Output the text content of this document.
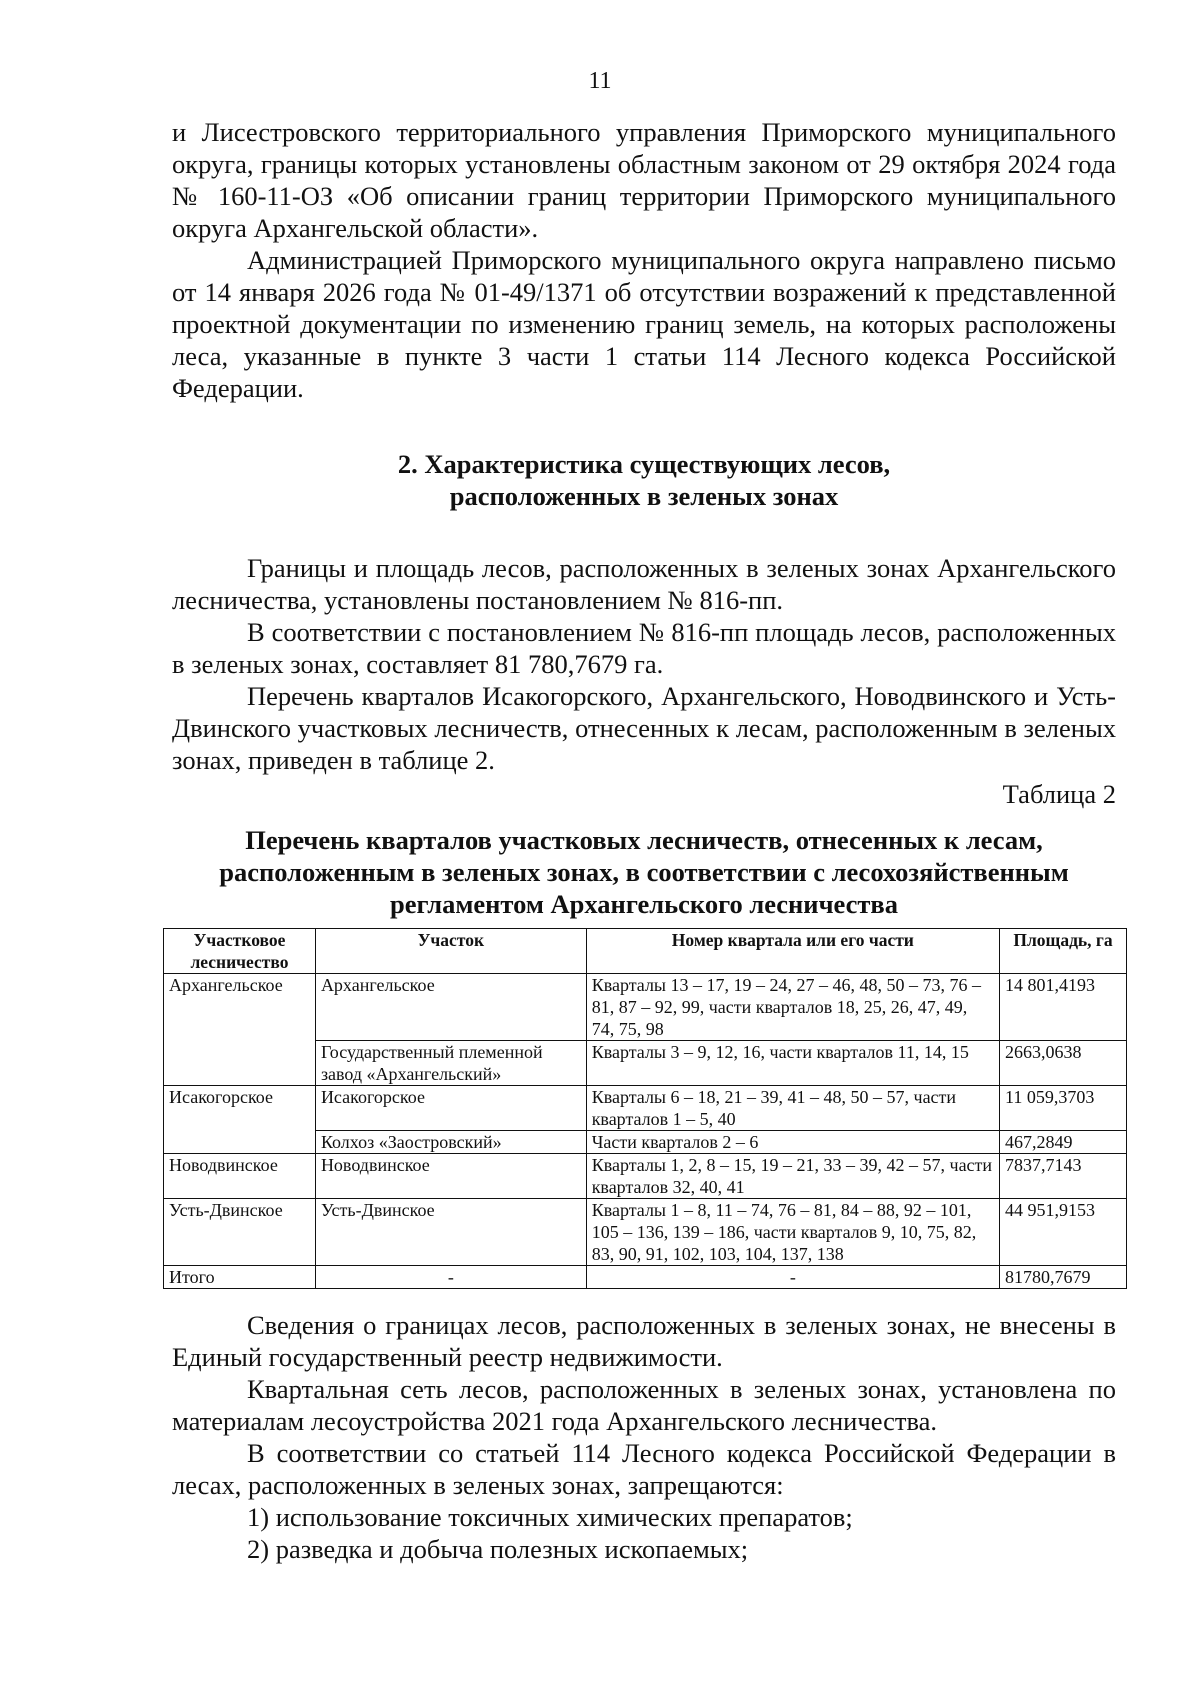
11

и Лисестровского территориального управления Приморского муниципального округа, границы которых установлены областным законом от 29 октября 2024 года № 160-11-ОЗ «Об описании границ территории Приморского муниципального округа Архангельской области».

Администрацией Приморского муниципального округа направлено письмо от 14 января 2026 года № 01-49/1371 об отсутствии возражений к представленной проектной документации по изменению границ земель, на которых расположены леса, указанные в пункте 3 части 1 статьи 114 Лесного кодекса Российской Федерации.

2. Характеристика существующих лесов,
расположенных в зеленых зонах

Границы и площадь лесов, расположенных в зеленых зонах Архангельского лесничества, установлены постановлением № 816-пп.

В соответствии с постановлением № 816-пп площадь лесов, расположенных в зеленых зонах, составляет 81 780,7679 га.

Перечень кварталов Исакогорского, Архангельского, Новодвинского и Усть-Двинского участковых лесничеств, отнесенных к лесам, расположенным в зеленых зонах, приведен в таблице 2.

Таблица 2
Перечень кварталов участковых лесничеств, отнесенных к лесам,
расположенным в зеленых зонах, в соответствии с лесохозяйственным
регламентом Архангельского лесничества
Участковое лесничество	Участок	Номер квартала или его части	Площадь, га
Архангельское	Архангельское	Кварталы 13 – 17, 19 – 24, 27 – 46, 48, 50 – 73, 76 – 81, 87 – 92, 99, части кварталов 18, 25, 26, 47, 49, 74, 75, 98	14 801,4193
	Государственный племенной завод «Архангельский»	Кварталы 3 – 9, 12, 16, части кварталов 11, 14, 15	2663,0638
Исакогорское	Исакогорское	Кварталы 6 – 18, 21 – 39, 41 – 48, 50 – 57, части кварталов 1 – 5, 40	11 059,3703
	Колхоз «Заостровский»	Части кварталов 2 – 6	467,2849
Новодвинское	Новодвинское	Кварталы 1, 2, 8 – 15, 19 – 21, 33 – 39, 42 – 57, части кварталов 32, 40, 41	7837,7143
Усть-Двинское	Усть-Двинское	Кварталы 1 – 8, 11 – 74, 76 – 81, 84 – 88, 92 – 101, 105 – 136, 139 – 186, части кварталов 9, 10, 75, 82, 83, 90, 91, 102, 103, 104, 137, 138	44 951,9153
Итого	-	-	81780,7679

Сведения о границах лесов, расположенных в зеленых зонах, не внесены в Единый государственный реестр недвижимости.

Квартальная сеть лесов, расположенных в зеленых зонах, установлена по материалам лесоустройства 2021 года Архангельского лесничества.

В соответствии со статьей 114 Лесного кодекса Российской Федерации в лесах, расположенных в зеленых зонах, запрещаются:

1) использование токсичных химических препаратов;

2) разведка и добыча полезных ископаемых;
